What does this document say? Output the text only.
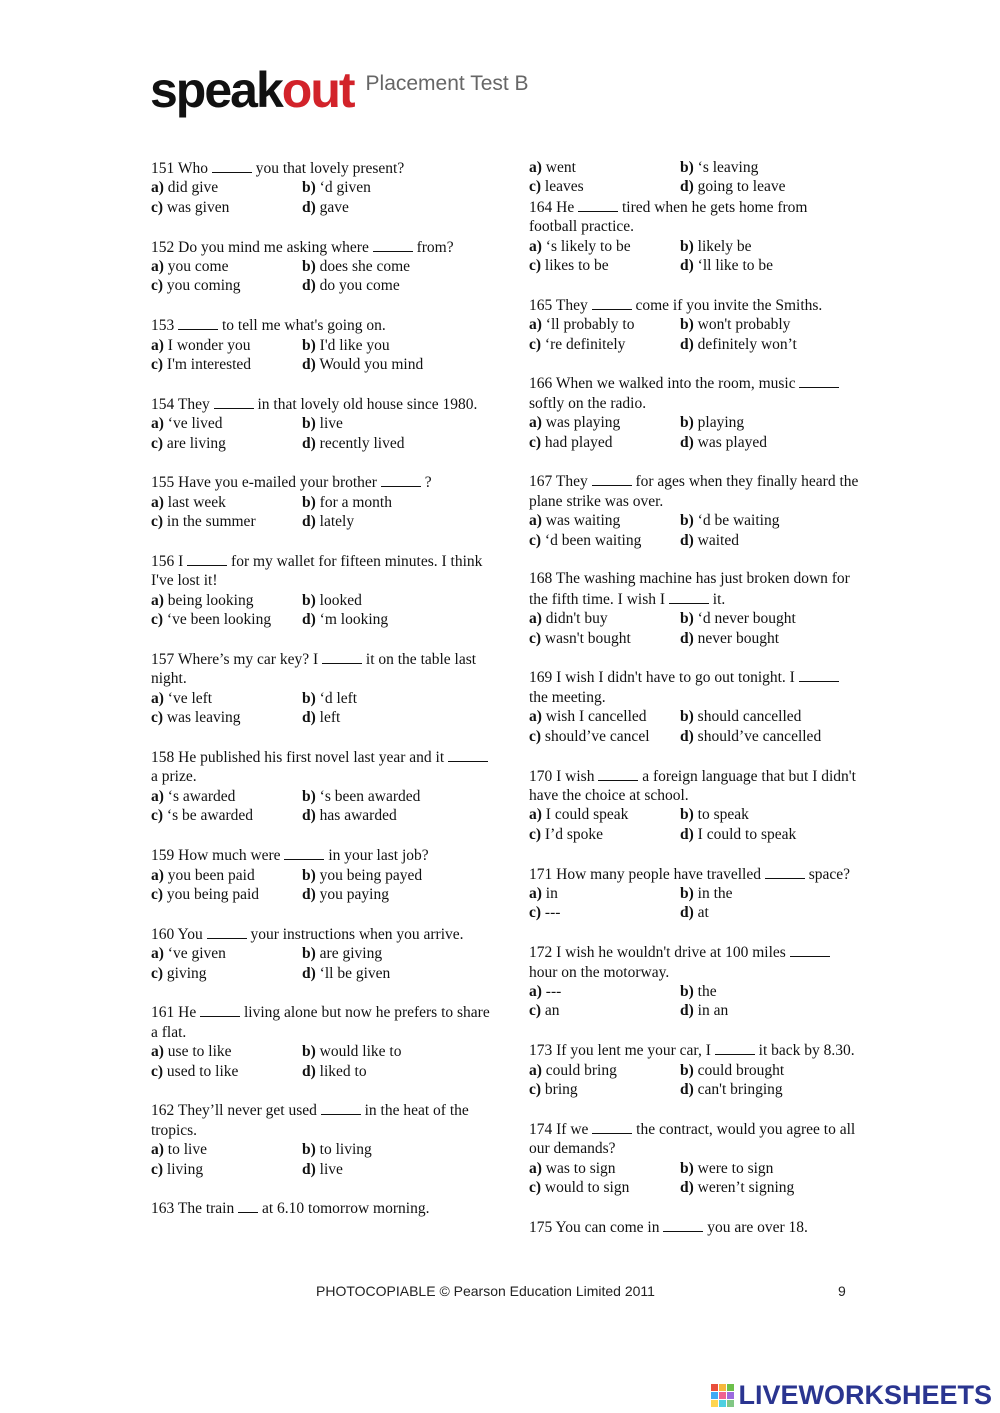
speakout Placement Test B
151 Who	you that lovely present?
a) did give	b) ‘d given
c) was given	d) gave
152 Do you mind me asking where	from?
a) you come	b) does she come
c) you coming	d) do you come
153	to tell me what's going on.
a) I wonder you	b) I'd like you
c) I'm interested	d) Would you mind
154 They	in that lovely old house since 1980.
a) ‘ve lived	b) live
c) are living	d) recently lived
155 Have you e-mailed your brother	?
a) last week	b) for a month
c) in the summer	d) lately
156 I	for my wallet for fifteen minutes. I think I've lost it!
a) being looking	b) looked
c) ‘ve been looking	d) ‘m looking
157 Where’s my car key? I	it on the table last night.
a) ‘ve left	b) ‘d left
c) was leaving	d) left
158 He published his first novel last year and it  a prize.
a) ‘s awarded	b) ‘s been awarded
c) ‘s be awarded	d) has awarded
159 How much were	in your last job?
a) you been paid	b) you being payed
c) you being paid	d) you paying
160 You	your instructions when you arrive.
a) ‘ve given	b) are giving
c) giving	d) ‘ll be given
161 He	living alone but now he prefers to share a flat.
a) use to like	b) would like to
c) used to like	d) liked to
162 They’ll never get used	in the heat of the tropics.
a) to live	b) to living
c) living	d) live
163 The train  at 6.10 tomorrow morning.
a) went	b) ‘s leaving
c) leaves	d) going to leave
164 He	tired when he gets home from football practice.
a) ‘s likely to be	b) likely be
c) likes to be	d) ‘ll like to be
165 They	come if you invite the Smiths.
a) ‘ll probably to	b) won't probably
c) ‘re definitely	d) definitely won’t
166 When we walked into the room, music  softly on the radio.
a) was playing	b) playing
c) had played	d) was played
167 They	for ages when they finally heard the plane strike was over.
a) was waiting	b) ‘d be waiting
c) ‘d been waiting	d) waited
168 The washing machine has just broken down for the fifth time. I wish I	it.
a) didn't buy	b) ‘d never bought
c) wasn't bought	d) never bought
169 I wish I didn't have to go out tonight. I  the meeting.
a) wish I cancelled	b) should cancelled
c) should’ve cancel	d) should’ve cancelled
170 I wish	a foreign language that but I didn't have the choice at school.
a) I could speak	b) to speak
c) I’d spoke	d) I could to speak
171 How many people have travelled	space?
a) in	b) in the
c) ---	d) at
172 I wish he wouldn't drive at 100 miles  hour on the motorway.
a) ---	b) the
c) an	d) in an
173 If you lent me your car, I	it back by 8.30.
a) could bring	b) could brought
c) bring	d) can't bringing
174 If we	the contract, would you agree to all our demands?
a) was to sign	b) were to sign
c) would to sign	d) weren’t signing
175 You can come in	you are over 18.
PHOTOCOPIABLE © Pearson Education Limited 2011	9
LIVEWORKSHEETS
